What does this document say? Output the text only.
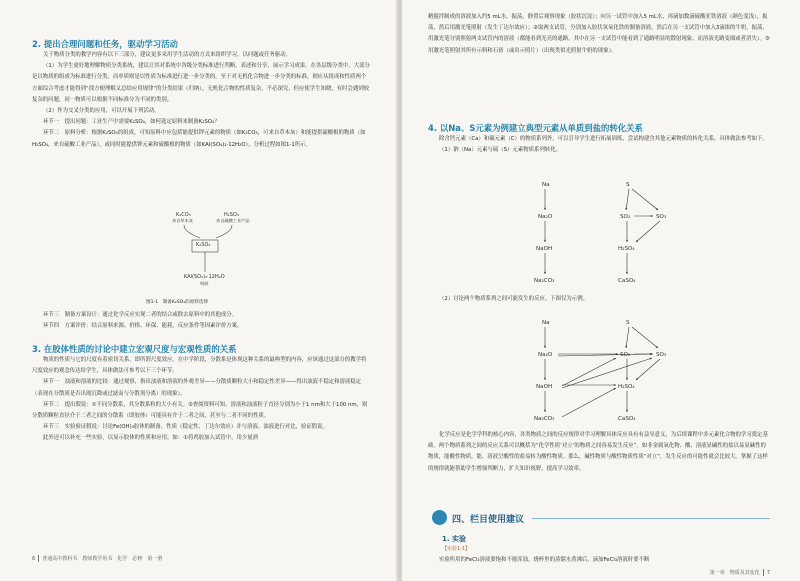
2. 提出合理问题和任务，驱动学习活动

关于物质分类的教学内容有以下三部分，建议更多采用学生活动的方式来组织学习，以问题或任务驱动。

（1）为学生更好地理解物质分类系统，建议让其对系统中各级分类标准进行判断，表述和分享，展示学习成果。在各层级分类中，大部分是以物质的组成为标准进行分类，而单质则是以性质为标准进行进一步分类的。至于对无机化合物进一步分类的标准，则应从组成和性质两个方面综合考虑才能得到“找方便理解又总结应用规律”的分类结果（归纳），无机化合物的性质复杂，不必深究，但应使学生知晓，有时会遇到较复杂的问题，同一物质可以根据不同标准分为不同的类别。

（2）作为交叉分类的应用，可以开展下列活动。

环节一　提出问题：工业生产中需要K₂SO₄，如何选定原料来制备K₂SO₄？

环节二　原料分析：根据K₂SO₄的组成，可知原料中应包括能提供钾元素的物质（如K₂CO₃，可来自草木灰）和能提供硫酸根的物质（如H₂SO₄，来自硫酸工业产品），或同时能提供钾元素和硫酸根的物质（如KAl(SO₄)₂·12H₂O），分析过程如图1-1所示。

K₂CO₃
来自草木灰
H₂SO₄
来自硫酸工业产品
K₂SO₄
KAl(SO₄)₂·12H₂O
明矾
图1-1　制备K₂SO₄的原料选择

环节三　制备方案设计：通过化学反应实现二者的结合或除去原料中的其他成分。

环节四　方案评价：结合原料来源、价格、环保、能耗、反应条件等因素评价方案。

3. 在胶体性质的讨论中建立宏观尺度与宏观性质的关系

物质的性质与它的尺度有着密切关系，即所谓尺度效应。在中学阶段，分散系是体现这种关系的最典型的内容，应该通过这部分的教学将尺度效应的观念传达给学生，具体做法可参考以下三个环节。

环节一　浊液和溶液的比较：通过观察，指出浊液和溶液的外观差异——分散质颗粒大小和稳定性差异——得出浊液不稳定和溶液稳定（表现在分散质是否出现沉降或过滤而与分散剂分离）的现象）。

环节二　提出假说：①不同分散系，其分散系粒的大小有关。②查阅资料可知，溶液和浊液粒子直径分别为小于1 nm和大于100 nm，则分散质颗粒直径介于二者之间的分散系（即胶体）可能具有介于二者之间、甚至与二者不同的性质。

环节三　实验验证假说：讨论Fe(OH)₃胶体的制备、性质（稳定性、丁达尔效应）并与溶液、浊液进行对比，验证假说。

此外还可以补充一些实验，以显示胶体的性质和应用。如：①将鸡胶加入试管中，用少量酒

6 普通高中教科书　教师教学用书　化学　必修　第一册

精搅拌制成的溶液加入约5 mL水，振荡，静置后观察现象（胶状沉淀）；向另一试管中加入5 mL水，再滴加数滴硫酸亚铁溶液（颜色变浅），振荡，然后用激光笔照射（发生丁达尔效应）；②取两支试管，分别加入胶状氢氧化铁的制备溶液，然后在另一支试管中加入3滴浓的牛奶，振荡，用激光笔分别照射两支试管内的溶液（都能看到光亮的通路，其中在另一支试管中能看到了通路明显的散射现象，而溶液光路变细或者消失）。③用激光笔照射其所有示料和石膏（或出示照片）（出现类似光照射牛奶的现象）。

4. 以Na、S元素为例建立典型元素从单质到盐的转化关系

除含钙元素（Ca）和碳元素（C）的物质系列外，可以引导学生进行拓展训练，尝试构建含其他元素物质的转化关系，具体做法参考如下。

（1）钠（Na）元素与硫（S）元素物质系列转化。

Na
Na₂O
NaOH
Na₂CO₃
S
SO₂	SO₃
H₂SO₄
CaSO₄

（2）讨论两个物质系列之间可能发生的反应。下图仅为示例。

Na
Na₂O
NaOH
Na₂CO₃
S
SO₂	SO₃
H₂SO₄
CaSO₄

化学反应是化学学科的核心内容，各类物质之间的反应规律对学习理解具体反应具有有益导意义，为后续课程中多元素化合物的学习奠定基础。两个物质系列之间的反应关系可以概括为“化学性质‘对立’的物质之间容易发生反应”。如非金属氧化物、酸、溶液显碱性的盐以易显碱性的物质，能酸性物质，能、溶液呈酸性的盐易转为酸性物质。那么，碱性物质与酸性物质性质“对立”，发生反应的可能性就会比较大。掌握了这样的规律就能帮助学生增强判断力，扩大知识视野，提高学习效率。

四、栏目使用建议
1. 实验
【实验1-1】

实验所用的FeCl₃溶液要饱和不能浑浊，烧杯里的蒸馏水煮沸后，滴加FeCl₃溶液时要不断

第一章　物质及其变化 7
